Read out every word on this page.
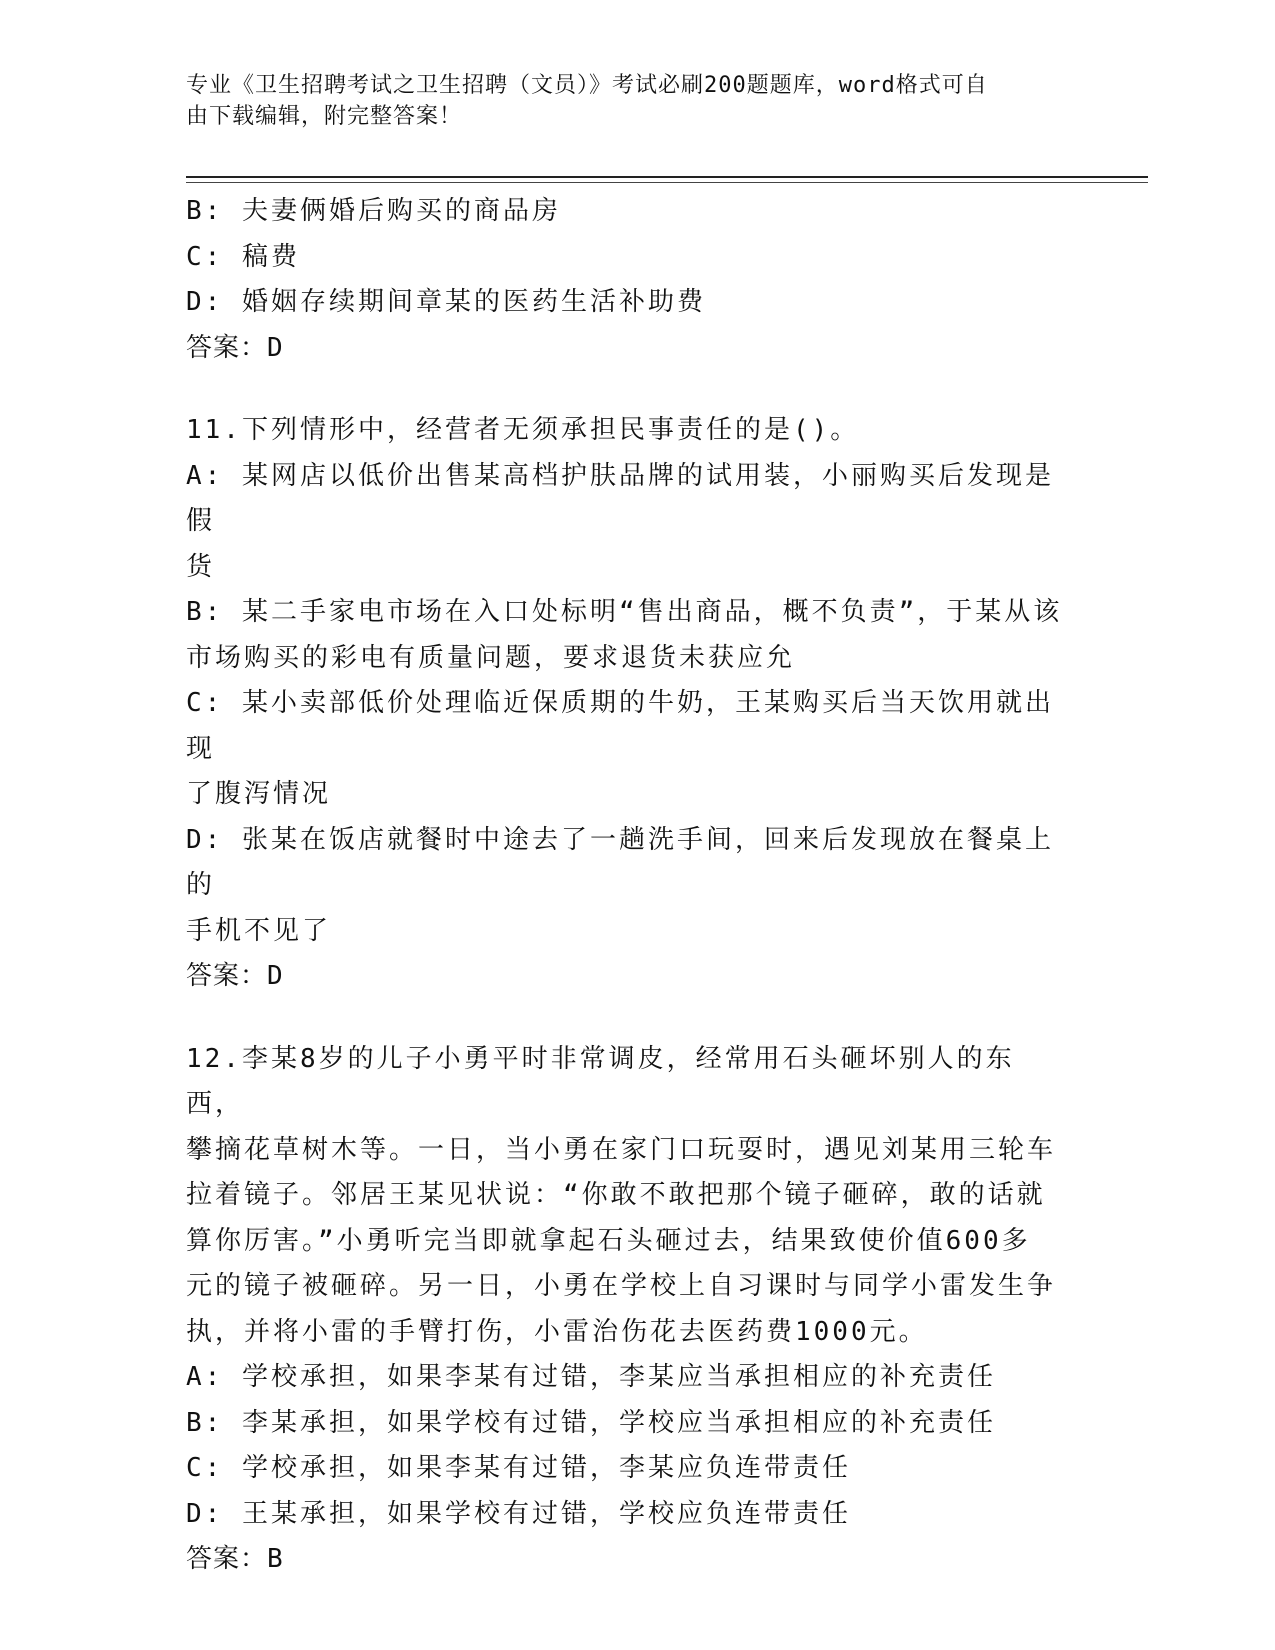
专业《卫生招聘考试之卫生招聘（文员）》考试必刷200题题库，word格式可自
由下载编辑，附完整答案！
B: 夫妻俩婚后购买的商品房
C: 稿费
D: 婚姻存续期间章某的医药生活补助费
答案：D
11.下列情形中，经营者无须承担民事责任的是()。
A: 某网店以低价出售某高档护肤品牌的试用装，小丽购买后发现是假
货
B: 某二手家电市场在入口处标明“售出商品，概不负责”，于某从该
市场购买的彩电有质量问题，要求退货未获应允
C: 某小卖部低价处理临近保质期的牛奶，王某购买后当天饮用就出现
了腹泻情况
D: 张某在饭店就餐时中途去了一趟洗手间，回来后发现放在餐桌上的
手机不见了
答案：D
12.李某8岁的儿子小勇平时非常调皮，经常用石头砸坏别人的东西，
攀摘花草树木等。一日，当小勇在家门口玩耍时，遇见刘某用三轮车
拉着镜子。邻居王某见状说：“你敢不敢把那个镜子砸碎，敢的话就
算你厉害。”小勇听完当即就拿起石头砸过去，结果致使价值600多
元的镜子被砸碎。另一日，小勇在学校上自习课时与同学小雷发生争
执，并将小雷的手臂打伤，小雷治伤花去医药费1000元。
A: 学校承担，如果李某有过错，李某应当承担相应的补充责任
B: 李某承担，如果学校有过错，学校应当承担相应的补充责任
C: 学校承担，如果李某有过错，李某应负连带责任
D: 王某承担，如果学校有过错，学校应负连带责任
答案：B
